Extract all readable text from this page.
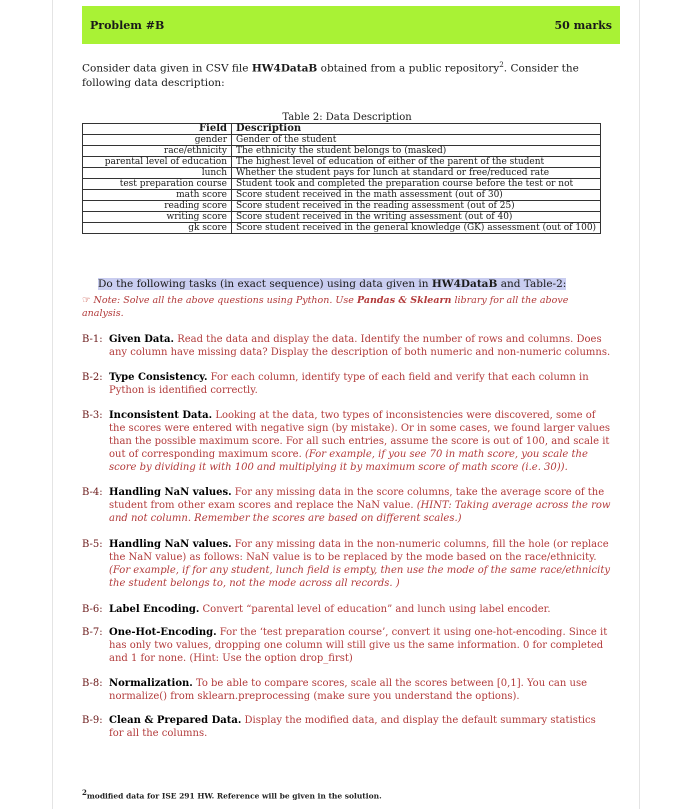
Problem #B	50 marks
Consider data given in CSV file HW4DataB obtained from a public repository$^2$. Consider the following data description:
Table 2: Data Description
Field	Description
gender	Gender of the student
race/ethnicity	The ethnicity the student belongs to (masked)
parental level of education	The highest level of education of either of the parent of the student
lunch	Whether the student pays for lunch at standard or free/reduced rate
test preparation course	Student took and completed the preparation course before the test or not
math score	Score student received in the math assessment (out of 30)
reading score	Score student received in the reading assessment (out of 25)
writing score	Score student received in the writing assessment (out of 40)
gk score	Score student received in the general knowledge (GK) assessment (out of 100)
Do the following tasks (in exact sequence) using data given in HW4DataB and Table-2:
☞ Note: Solve all the above questions using Python. Use Pandas & Sklearn library for all the above analysis.
B-1: Given Data. Read the data and display the data. Identify the number of rows and columns. Does any column have missing data? Display the description of both numeric and non-numeric columns.
B-2: Type Consistency. For each column, identify type of each field and verify that each column in Python is identified correctly.
B-3: Inconsistent Data. Looking at the data, two types of inconsistencies were discovered, some of the scores were entered with negative sign (by mistake). Or in some cases, we found larger values than the possible maximum score. For all such entries, assume the score is out of 100, and scale it out of corresponding maximum score. (For example, if you see 70 in math score, you scale the score by dividing it with 100 and multiplying it by maximum score of math score (i.e. 30)).
B-4: Handling NaN values. For any missing data in the score columns, take the average score of the student from other exam scores and replace the NaN value. (HINT: Taking average across the row and not column. Remember the scores are based on different scales.)
B-5: Handling NaN values. For any missing data in the non-numeric columns, fill the hole (or replace the NaN value) as follows: NaN value is to be replaced by the mode based on the race/ethnicity. (For example, if for any student, lunch field is empty, then use the mode of the same race/ethnicity the student belongs to, not the mode across all records. )
B-6: Label Encoding. Convert “parental level of education” and lunch using label encoder.
B-7: One-Hot-Encoding. For the ‘test preparation course’, convert it using one-hot-encoding. Since it has only two values, dropping one column will still give us the same information. 0 for completed and 1 for none. (Hint: Use the option drop_first)
B-8: Normalization. To be able to compare scores, scale all the scores between [0,1]. You can use normalize() from sklearn.preprocessing (make sure you understand the options).
B-9: Clean & Prepared Data. Display the modified data, and display the default summary statistics for all the columns.
$^2$modified data for ISE 291 HW. Reference will be given in the solution.
